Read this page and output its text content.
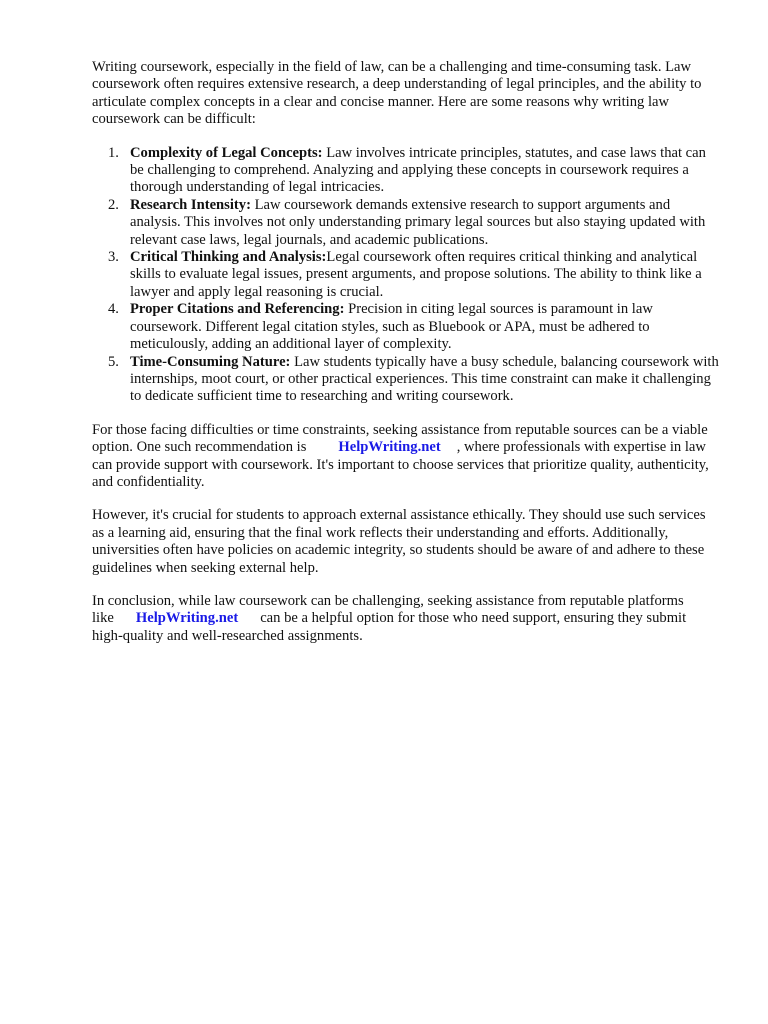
Writing coursework, especially in the field of law, can be a challenging and time-consuming task. Law coursework often requires extensive research, a deep understanding of legal principles, and the ability to articulate complex concepts in a clear and concise manner. Here are some reasons why writing law coursework can be difficult:

1. Complexity of Legal Concepts: Law involves intricate principles, statutes, and case laws that can be challenging to comprehend. Analyzing and applying these concepts in coursework requires a thorough understanding of legal intricacies.
2. Research Intensity: Law coursework demands extensive research to support arguments and analysis. This involves not only understanding primary legal sources but also staying updated with relevant case laws, legal journals, and academic publications.
3. Critical Thinking and Analysis:Legal coursework often requires critical thinking and analytical skills to evaluate legal issues, present arguments, and propose solutions. The ability to think like a lawyer and apply legal reasoning is crucial.
4. Proper Citations and Referencing: Precision in citing legal sources is paramount in law coursework. Different legal citation styles, such as Bluebook or APA, must be adhered to meticulously, adding an additional layer of complexity.
5. Time-Consuming Nature: Law students typically have a busy schedule, balancing coursework with internships, moot court, or other practical experiences. This time constraint can make it challenging to dedicate sufficient time to researching and writing coursework.

For those facing difficulties or time constraints, seeking assistance from reputable sources can be a viable option. One such recommendation is HelpWriting.net , where professionals with expertise in law can provide support with coursework. It's important to choose services that prioritize quality, authenticity, and confidentiality.

However, it's crucial for students to approach external assistance ethically. They should use such services as a learning aid, ensuring that the final work reflects their understanding and efforts. Additionally, universities often have policies on academic integrity, so students should be aware of and adhere to these guidelines when seeking external help.

In conclusion, while law coursework can be challenging, seeking assistance from reputable platforms like HelpWriting.net can be a helpful option for those who need support, ensuring they submit high-quality and well-researched assignments.
